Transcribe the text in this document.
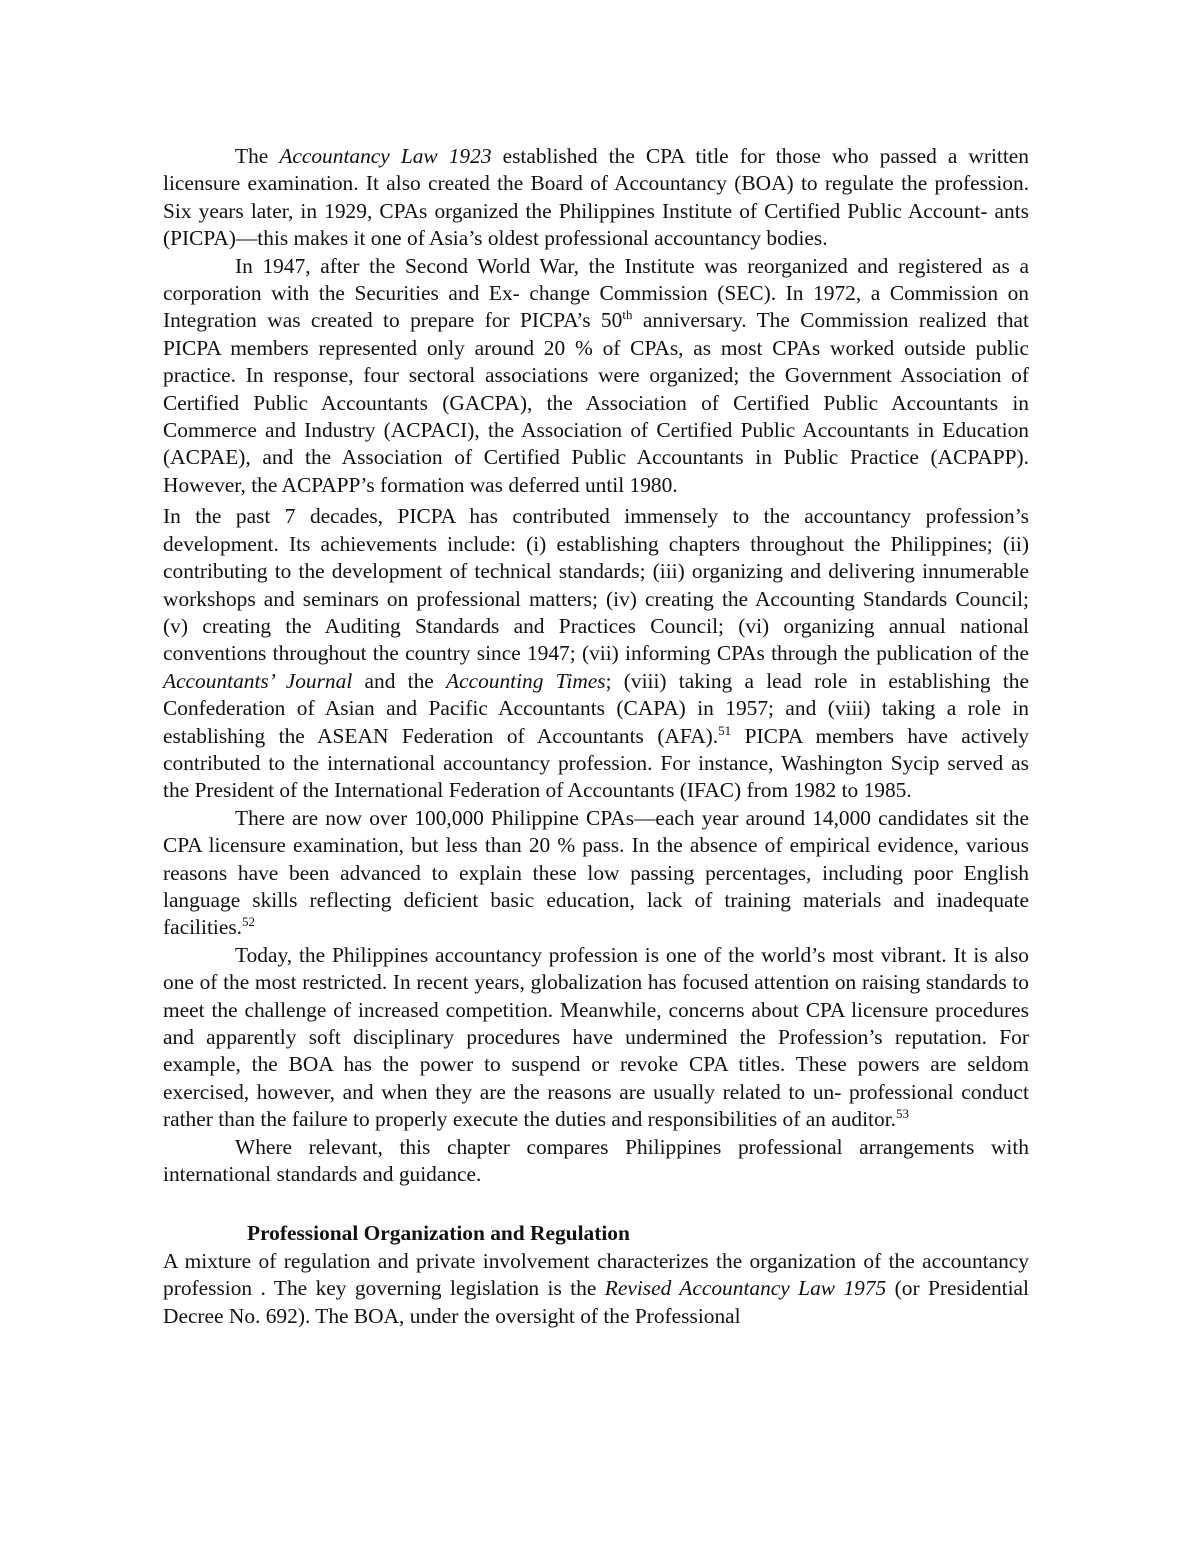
The Accountancy Law 1923 established the CPA title for those who passed a written licensure examination. It also created the Board of Accountancy (BOA) to regulate the profession. Six years later, in 1929, CPAs organized the Philippines Institute of Certified Public Account- ants (PICPA)—this makes it one of Asia’s oldest professional accountancy bodies.

In 1947, after the Second World War, the Institute was reorganized and registered as a corporation with the Securities and Ex- change Commission (SEC). In 1972, a Commission on Integration was created to prepare for PICPA’s 50th anniversary. The Commission realized that PICPA members represented only around 20 % of CPAs, as most CPAs worked outside public practice. In response, four sectoral associations were organized; the Government Association of Certified Public Accountants (GACPA), the Association of Certified Public Accountants in Commerce and Industry (ACPACI), the Association of Certified Public Accountants in Education (ACPAE), and the Association of Certified Public Accountants in Public Practice (ACPAPP). However, the ACPAPP’s formation was deferred until 1980.

In the past 7 decades, PICPA has contributed immensely to the accountancy profession’s development. Its achievements include: (i) establishing chapters throughout the Philippines; (ii) contributing to the development of technical standards; (iii) organizing and delivering innumerable workshops and seminars on professional matters; (iv) creating the Accounting Standards Council; (v) creating the Auditing Standards and Practices Council; (vi) organizing annual national conventions throughout the country since 1947; (vii) informing CPAs through the publication of the Accountants’ Journal and the Accounting Times; (viii) taking a lead role in establishing the Confederation of Asian and Pacific Accountants (CAPA) in 1957; and (viii) taking a role in establishing the ASEAN Federation of Accountants (AFA).$^{51}$ PICPA members have actively contributed to the international accountancy profession. For instance, Washington Sycip served as the President of the International Federation of Accountants (IFAC) from 1982 to 1985.

There are now over 100,000 Philippine CPAs—each year around 14,000 candidates sit the CPA licensure examination, but less than 20 % pass. In the absence of empirical evidence, various reasons have been advanced to explain these low passing percentages, including poor English language skills reflecting deficient basic education, lack of training materials and inadequate facilities.$^{52}$

Today, the Philippines accountancy profession is one of the world’s most vibrant. It is also one of the most restricted. In recent years, globalization has focused attention on raising standards to meet the challenge of increased competition. Meanwhile, concerns about CPA licensure procedures and apparently soft disciplinary procedures have undermined the Profession’s reputation. For example, the BOA has the power to suspend or revoke CPA titles. These powers are seldom exercised, however, and when they are the reasons are usually related to un- professional conduct rather than the failure to properly execute the duties and responsibilities of an auditor.$^{53}$

Where relevant, this chapter compares Philippines professional arrangements with international standards and guidance.

Professional Organization and Regulation

A mixture of regulation and private involvement characterizes the organization of the accountancy profession . The key governing legislation is the Revised Accountancy Law 1975 (or Presidential Decree No. 692). The BOA, under the oversight of the Professional
